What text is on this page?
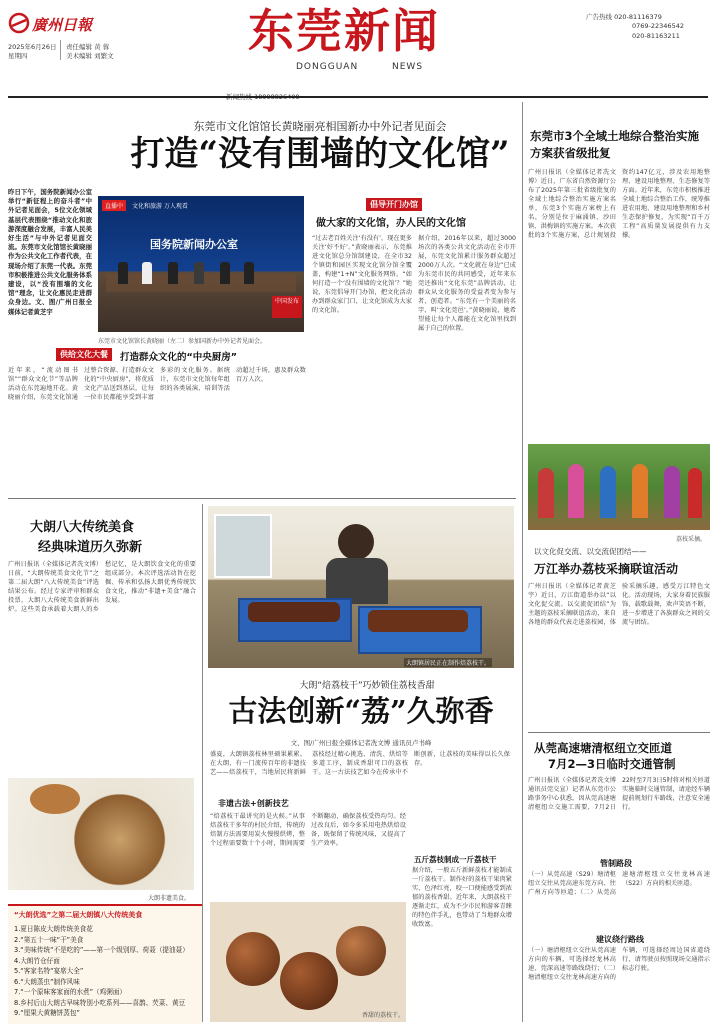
廣州日報
2025年6月26日
星期四
责任编辑 黄 蓉
美术编辑 刘繁文	东莞新闻
DONGGUAN	NEWS
广告热线 020-81116379
0769-22346542
020-81163211
东莞市文化馆馆长黄晓丽亮相国新办中外记者见面会
打造“没有围墙的文化馆”
昨日下午，国务院新闻办公室举行“新征程上的奋斗者”中外记者见面会，5位文化领域基层代表围绕“推动文化和旅游深度融合发展，丰富人民美好生活”与中外记者见面交流。东莞市文化馆馆长黄晓丽作为公共文化工作者代表，在现场介绍了东莞一代表。东莞市积极推进公共文化服务体系建设，以“没有围墙的文化馆”理念，让文化惠民走进群众身边。文、图/广州日报全媒体记者黄芝宇
直播中	文化和旅游 万人观看
国务院新闻办公室
中国发布
东莞市文化馆馆长黄晓丽（左二）参加国新办中外记者见面会。
倡导开门办馆
做大家的文化馆，办人民的文化馆
“过去老百姓关注‘有没有’，现在更多关注‘好不好’。”黄晓丽表示，东莞推进文化馆总分馆制建设，在全市32个镇街和园区实现文化馆分馆全覆盖，构建“1+N”文化服务网络。“如何打造一个‘没有围墙的文化馆’？”她说，东莞倡导开门办馆，把文化活动办到群众家门口，让文化馆成为大家的文化馆。
据介绍，2016年以来，超过3000场次的各类公共文化活动在全市开展，东莞文化馆累计服务群众超过2000万人次。“文化就在身边”已成为东莞市民的共同感受，近年来东莞还推出“文化东莞”品牌活动，让群众从文化服务的受益者变为参与者、创造者。“东莞有一个美丽的名字，叫‘文化莞邑’。”黄晓丽说，她希望能让每个人都能在文化馆里找到属于自己的位置。
供给文化大餐	打造群众文化的“中央厨房”
近年来，“流动图书馆”“群众文化节”等品牌活动在东莞遍地开花。黄晓丽介绍，东莞文化馆通过整合资源、打造群众文化的“中央厨房”，将优质文化产品送到基层，让每一位市民都能享受到丰富多彩的文化服务。据统计，东莞市文化馆每年组织的各类展演、培训等活动超过千场，惠及群众数百万人次。
东莞市3个全域土地综合整治实施方案获省级批复
广州日报讯（全媒体记者冼文博）近日，广东省自然资源厅公布了2025年第三批省级批复的全域土地综合整治实施方案名单，东莞3个实施方案榜上有名，分别是位于麻涌镇、沙田镇、洪梅镇的实施方案。本次获批的3个实施方案，总计规划投资约147亿元，涉及农用地整理、建设用地整理、生态修复等方面。近年来，东莞市积极推进全域土地综合整治工作，统筹推进农用地、建设用地整理和乡村生态保护修复，为实现“百千万工程”高质量发展提供有力支撑。
荔枝采摘。
以文化促交流、以交流促团结——
万江举办荔枝采摘联谊活动
广州日报讯（全媒体记者黄芝宇）近日，万江街道举办以“以文化促交流、以交流促团结”为主题的荔枝采摘联谊活动，来自各地的群众代表走进荔枝园，体验采摘乐趣，感受万江特色文化。活动现场，大家身着民族服饰，载歌载舞，欢声笑语不断，进一步增进了各族群众之间的交流与团结。
从莞高速塘清枢纽立交匝道
7月2—3日临时交通管制
广州日报讯（全媒体记者冼文博 通讯员莞交宣）记者从东莞市公路事务中心获悉，因从莞高速塘清枢纽立交施工需要，7月2日22时至7月3日5时将对相关匝道实施临时交通管制，请途经车辆提前规划行车路线，注意安全通行。
管制路段
（一）从莞高速（S29）塘清枢纽立交往从莞高速东莞方向、往广州方向等匝道；（二）从莞高速塘清枢纽立交往龙林高速（S22）方向的相关匝道。
建议绕行路线
（一）塘清枢纽立交往从莞高速方向的车辆，可选择经龙林高速、莞深高速等路线绕行；（二）塘清枢纽立交往龙林高速方向的车辆，可选择经周边国省道绕行，请驾驶员按照现场交通指示标志行驶。
大朗八大传统美食
经典味道历久弥新
广州日报讯（全媒体记者冼文博）日前，“大朗传统美食文化节”之第二届大朗“八大传统美食”评选结果公布。经过专家评审和群众投票，大朗八大传统美食新鲜出炉。这些美食承载着大朗人的乡愁记忆，是大朗饮食文化的重要组成部分。本次评选活动旨在挖掘、传承和弘扬大朗优秀传统饮食文化，推动“非遗+美食”融合发展。
大朗非遗美食。
“大朗优选”之第二届大朗镇八大传统美食
1.夏日陈皮大朗传统美食花
2.“第五十一味“干”美食
3.“美味传统“不是吃的”——第一个级别厚、荷聂（提油聂）
4.大朗竹仓仔面
5.“客家名特“宴席大全”
6.“大朗蒸虫”制作风味
7.“一个原味客家面的水煮”（鸡粥面）
8.乡村后山大朗古早味特别小吃系列——喜鹊、芡菜、黄豆
9.“厘果大黄糖饼蒸包”
大朗镇居民正在制作焙荔枝干。
大朗“焙荔枝干”巧妙锁住荔枝香甜
古法创新“荔”久弥香
文、图/广州日报全媒体记者冼文博 通讯员卢书峰
盛夏，大朗镇荔枝林里硕果累累。在大朗，有一门流传百年的非遗技艺——焙荔枝干，当地居民将新鲜荔枝经过精心挑选、清洗、烘焙等多道工序，制成香甜可口的荔枝干。这一古法技艺如今在传承中不断创新，让荔枝的美味得以长久保存。
非遗古法+创新技艺
“焙荔枝干最讲究的是火候。”从事焙荔枝干多年的村民介绍，传统的焙制方法需要用炭火慢慢烘烤，整个过程需要数十个小时，期间需要不断翻动，确保荔枝受热均匀。经过改良后，如今多采用电热烘焙设备，既保留了传统风味，又提高了生产效率。
五斤荔枝制成一斤荔枝干
据介绍，一般五斤新鲜荔枝才能制成一斤荔枝干。制作好的荔枝干果肉紧实、色泽红亮，咬一口便能感受到浓郁的荔枝香甜。近年来，大朗荔枝干逐渐走红，成为不少市民和游客青睐的特色伴手礼，也带动了当地群众增收致富。
香甜的荔枝干。
